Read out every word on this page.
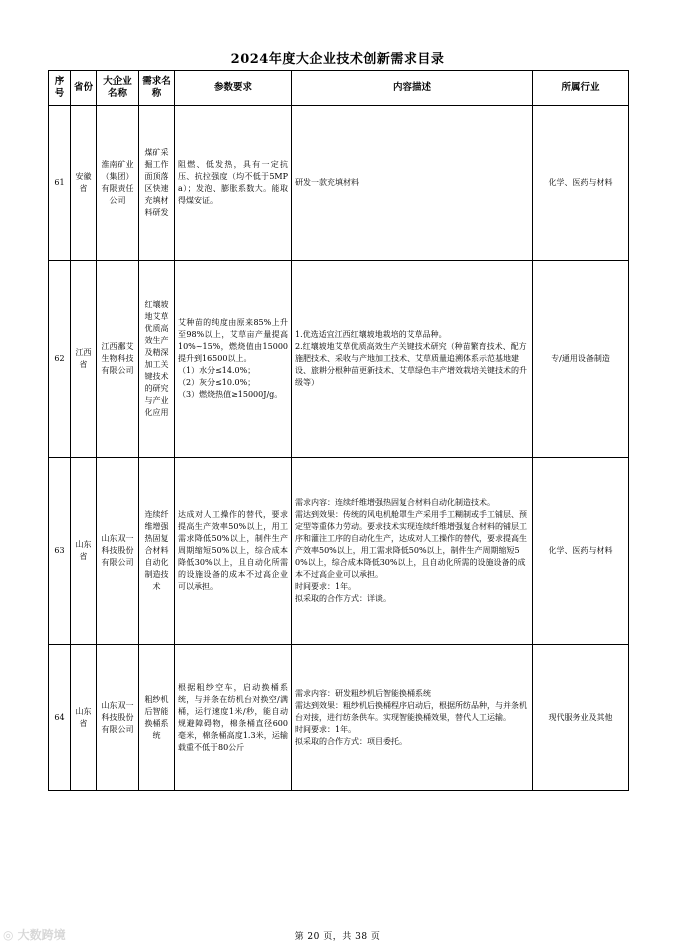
2024年度大企业技术创新需求目录
序号	省份	大企业名称	需求名称	参数要求	内容描述	所属行业
61	安徽省	淮南矿业（集团）有限责任公司	煤矿采掘工作面顶落区快速充填材料研发	阻燃、低发热，具有一定抗压、抗拉强度（均不低于5MPa）；发泡、膨胀系数大。能取得煤安证。	研发一款充填材料	化学、医药与材料
62	江西省	江西鄱艾生物科技有限公司	红壤坡地艾草优质高效生产及精深加工关键技术的研究与产业化应用	艾种苗的纯度由原来85%上升至98%以上，艾草亩产量提高10%~15%，燃烧值由15000提升到16500以上。
（1）水分≤14.0%；
（2）灰分≤10.0%；
（3）燃烧热值≥15000J/g。	1.优选适宜江西红壤坡地栽培的艾草品种。
2.红壤坡地艾草优质高效生产关键技术研究（种苗繁育技术、配方施肥技术、采收与产地加工技术、艾草质量追溯体系示范基地建设、旅耕分根种苗更新技术、艾草绿色丰产增效栽培关键技术的升级等）	专/通用设备制造
63	山东省	山东双一科技股份有限公司	连续纤维增强热固复合材料自动化制造技术	达成对人工操作的替代，要求提高生产效率50%以上，用工需求降低50%以上，制件生产周期缩短50%以上，综合成本降低30%以上，且自动化所需的设施设备的成本不过高企业可以承担。	需求内容：连续纤维增强热固复合材料自动化制造技术。
需达到效果：传统的风电机舱罩生产采用手工糊制或手工铺层、预定型等重体力劳动。要求技术实现连续纤维增强复合材料的铺层工序和灌注工序的自动化生产，达成对人工操作的替代，要求提高生产效率50%以上，用工需求降低50%以上，制件生产周期缩短50%以上，综合成本降低30%以上，且自动化所需的设施设备的成本不过高企业可以承担。
时间要求：1年。
拟采取的合作方式：详谈。	化学、医药与材料
64	山东省	山东双一科技股份有限公司	粗纱机后智能换桶系统	根据粗纱空车，启动换桶系统，与并条在纺机台对换空/满桶，运行速度1米/秒，能自动规避障碍物，棉条桶直径600毫米，棉条桶高度1.3米，运输载重不低于80公斤	需求内容：研发粗纱机后智能换桶系统
需达到效果：粗纱机后换桶程序启动后，根据所纺品种，与并条机台对接，进行纺条供车。实现智能换桶效果，替代人工运输。
时间要求：1年。
拟采取的合作方式：项目委托。	现代服务业及其他
◎ 大数跨境	第 20 页，共 38 页
